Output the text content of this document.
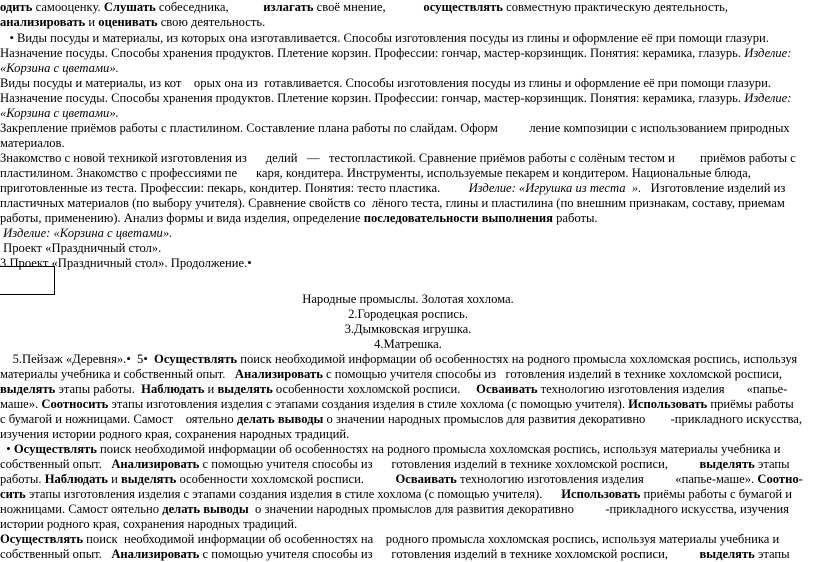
одить самооценку. Слушать собеседника,           излагать своё мнение,            осуществлять совместную практическую деятельность,
анализировать и оценивать свою деятельность.
• Виды посуды и материалы, из которых она изготавливается. Способы изготовления посуды из глины и оформление её при помощи глазури.
Назначение посуды. Способы хранения продуктов. Плетение корзин. Профессии: гончар, мастер-корзинщик. Понятия: керамика, глазурь. Изделие:
«Корзина с цветами».
Виды посуды и материалы, из кот    орых она из  готавливается. Способы изготовления посуды из глины и оформление её при помощи глазури.
Назначение посуды. Способы хранения продуктов. Плетение корзин. Профессии: гончар, мастер-корзинщик. Понятия: керамика, глазурь. Изделие:
«Корзина с цветами».
Закрепление приёмов работы с пластилином. Составление плана работы по слайдам. Оформ          ление композиции с использованием природных
материалов.
Знакомство с новой техникой изготовления из      делий   —   тестопластикой. Сравнение приёмов работы с солёным тестом и        приёмов работы с
пластилином. Знакомство с профессиями пе      каря, кондитера. Инструменты, используемые пекарем и кондитером. Национальные блюда,
приготовленные из теста. Профессии: пекарь, кондитер. Понятия: тесто пластика.         Изделие: «Игрушка из теста  ».   Изготовление изделий из
пластичных материалов (по выбору учителя). Сравнение свойств со  лёного теста, глины и пластилина (по внешним признакам, составу, приемам
работы, применению). Анализ формы и вида изделия, определение последовательности выполнения работы.
Изделие: «Корзина с цветами».
Проект «Праздничный стол».
3.Проект «Праздничный стол». Продолжение.•
Народные промыслы. Золотая хохлома.
2.Городецкая роспись.
3.Дымковская игрушка.
4.Матрешка.
5.Пейзаж «Деревня».•  5•  Осуществлять поиск необходимой информации об особенностях на родного промысла хохломская роспись, используя
материалы учебника и собственный опыт.   Анализировать с помощью учителя способы из   готовления изделий в технике хохломской росписи,
выделять этапы работы.  Наблюдать и выделять особенности хохломской росписи.     Осваивать технологию изготовления изделия       «папье-
маше». Соотносить этапы изготовления изделия с этапами создания изделия в стиле хохлома (с помощью учителя). Использовать приёмы работы
с бумагой и ножницами. Самост    оятельно делать выводы о значении народных промыслов для развития декоративно        -прикладного искусства,
изучения истории родного края, сохранения народных традиций.
• Осуществлять поиск необходимой информации об особенностях на родного промысла хохломская роспись, используя материалы учебника и
собственный опыт.   Анализировать с помощью учителя способы из      готовления изделий в технике хохломской росписи,          выделять этапы
работы. Наблюдать и выделять особенности хохломской росписи.          Осваивать технологию изготовления изделия          «папье-маше». Соотно-
сить этапы изготовления изделия с этапами создания изделия в стиле хохлома (с помощью учителя).      Использовать приёмы работы с бумагой и
ножницами. Самост оятельно делать выводы  о значении народных промыслов для развития декоративно          -прикладного искусства, изучения
истории родного края, сохранения народных традиций.
Осуществлять поиск  необходимой информации об особенностях на    родного промысла хохломская роспись, используя материалы учебника и
собственный опыт.   Анализировать с помощью учителя способы из      готовления изделий в технике хохломской росписи,          выделять этапы
